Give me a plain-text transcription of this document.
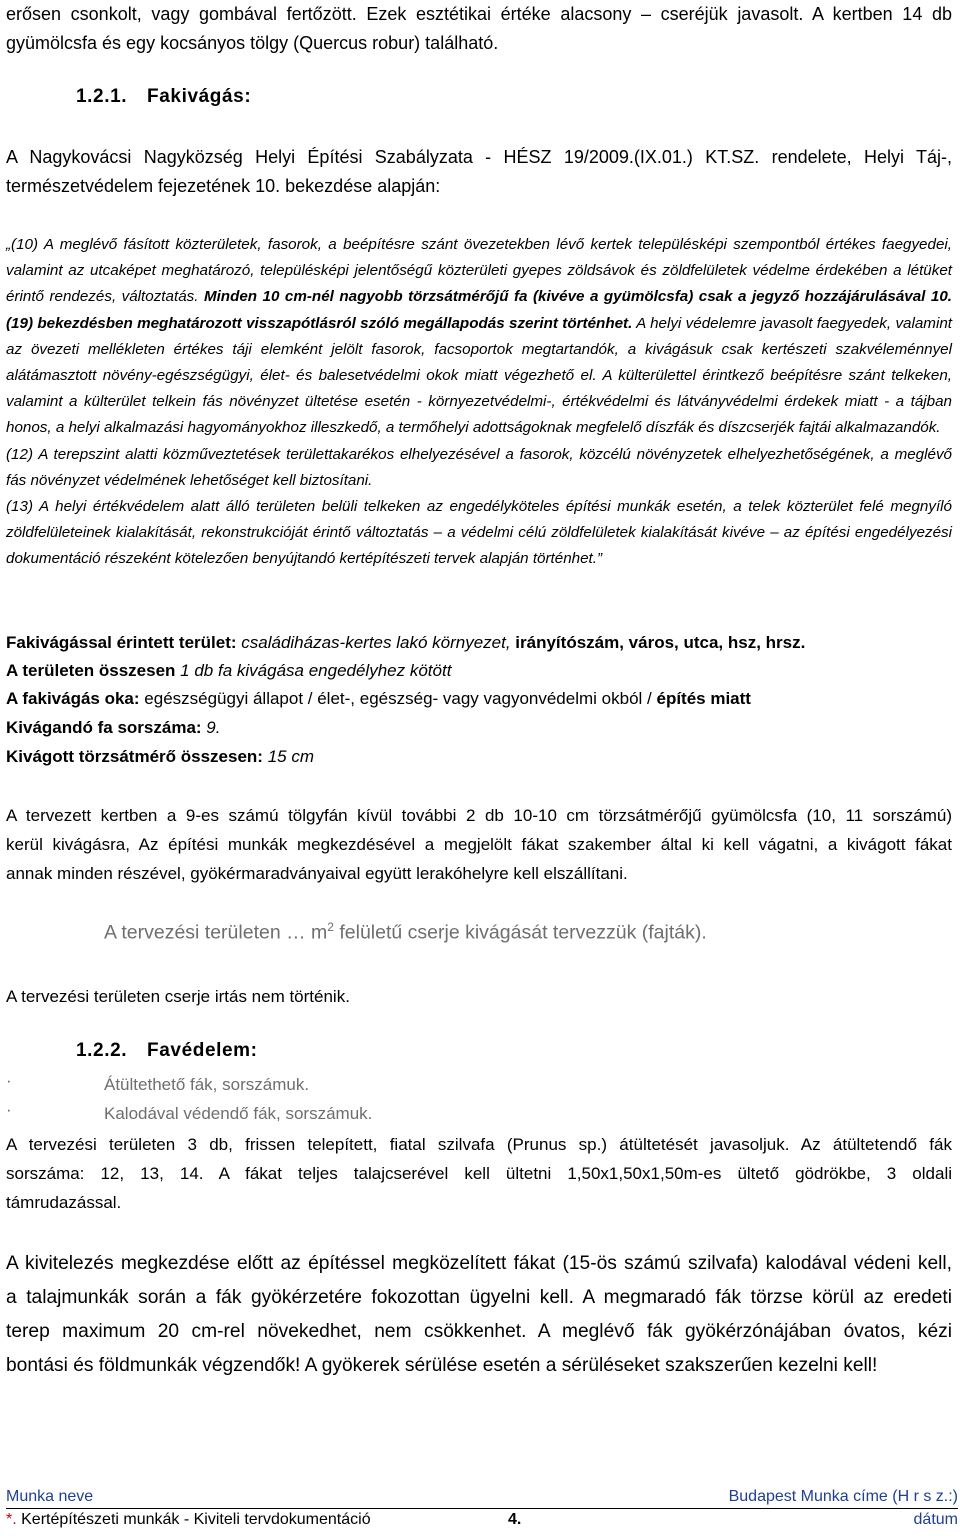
erősen csonkolt, vagy gombával fertőzött. Ezek esztétikai értéke alacsony – cseréjük javasolt. A kertben 14 db
gyümölcsfa és egy kocsányos tölgy (Quercus robur) található.
1.2.1. Fakivágás:
A Nagykovácsi Nagyközség Helyi Építési Szabályzata - HÉSZ 19/2009.(IX.01.) KT.SZ. rendelete, Helyi Táj-,
természetvédelem fejezetének 10. bekezdése alapján:
„(10) A meglévő fásított közterületek, fasorok, a beépítésre szánt övezetekben lévő kertek településképi szempontból értékes faegyedei, valamint az utcaképet meghatározó, településképi jelentőségű közterületi gyepes zöldsávok és zöldfelületek védelme érdekében a létüket érintő rendezés, változtatás. Minden 10 cm-nél nagyobb törzsátmérőjű fa (kivéve a gyümölcsfa) csak a jegyző hozzájárulásával 10. (19) bekezdésben meghatározott visszapótlásról szóló megállapodás szerint történhet. A helyi védelemre javasolt faegyedek, valamint az övezeti mellékleten értékes táji elemként jelölt fasorok, facsoportok megtartandók, a kivágásuk csak kertészeti szakvéleménnyel alátámasztott növény-egészségügyi, élet- és balesetvédelmi okok miatt végezhető el. A külterülettel érintkező beépítésre szánt telkeken, valamint a külterület telkein fás növényzet ültetése esetén - környezetvédelmi-, értékvédelmi és látványvédelmi érdekek miatt - a tájban honos, a helyi alkalmazási hagyományokhoz illeszkedő, a termőhelyi adottságoknak megfelelő díszfák és díszcserjék fajtái alkalmazandók.
(12) A terepszint alatti közműveztetések területtakarékos elhelyezésével a fasorok, közcélú növényzetek elhelyezhetőségének, a meglévő fás növényzet védelmének lehetőséget kell biztosítani.
(13) A helyi értékvédelem alatt álló területen belüli telkeken az engedélyköteles építési munkák esetén, a telek közterület felé megnyíló zöldfelületeinek kialakítását, rekonstrukcióját érintő változtatás – a védelmi célú zöldfelületek kialakítását kivéve – az építési engedélyezési dokumentáció részeként kötelezően benyújtandó kertépítészeti tervek alapján történhet.”
Fakivágással érintett terület: családiházas-kertes lakó környezet, irányítószám, város, utca, hsz, hrsz.
A területen összesen 1 db fa kivágása engedélyhez kötött
A fakivágás oka: egészségügyi állapot / élet-, egészség- vagy vagyonvédelmi okból / építés miatt
Kivágandó fa sorszáma: 9.
Kivágott törzsátmérő összesen: 15 cm
A tervezett kertben a 9-es számú tölgyfán kívül további 2 db 10-10 cm törzsátmérőjű gyümölcsfa (10, 11 sorszámú)
kerül kivágásra, Az építési munkák megkezdésével a megjelölt fákat szakember által ki kell vágatni, a kivágott fákat
annak minden részével, gyökérmaradványaival együtt lerakóhelyre kell elszállítani.
A tervezési területen … $m^2$ felületű cserje kivágását tervezzük (fajták).
A tervezési területen cserje irtás nem történik.
1.2.2. Favédelem:
·	Átültethető fák, sorszámuk.
·	Kalodával védendő fák, sorszámuk.
A tervezési területen 3 db, frissen telepített, fiatal szilvafa (Prunus sp.) átültetését javasoljuk. Az átültetendő fák
sorszáma: 12, 13, 14. A fákat teljes talajcserével kell ültetni 1,50x1,50x1,50m-es ültető gödrökbe, 3 oldali
támrudazással.
A kivitelezés megkezdése előtt az építéssel megközelített fákat (15-ös számú szilvafa) kalodával védeni kell,
a talajmunkák során a fák gyökérzetére fokozottan ügyelni kell. A megmaradó fák törzse körül az eredeti
terep maximum 20 cm-rel növekedhet, nem csökkenhet. A meglévő fák gyökérzónájában óvatos, kézi
bontási és földmunkák végzendők! A gyökerek sérülése esetén a sérüléseket szakszerűen kezelni kell!
Munka neve	Budapest Munka címe (H r s z.:)
*. Kertépítészeti munkák - Kiviteli tervdokumentáció	4.	dátum
